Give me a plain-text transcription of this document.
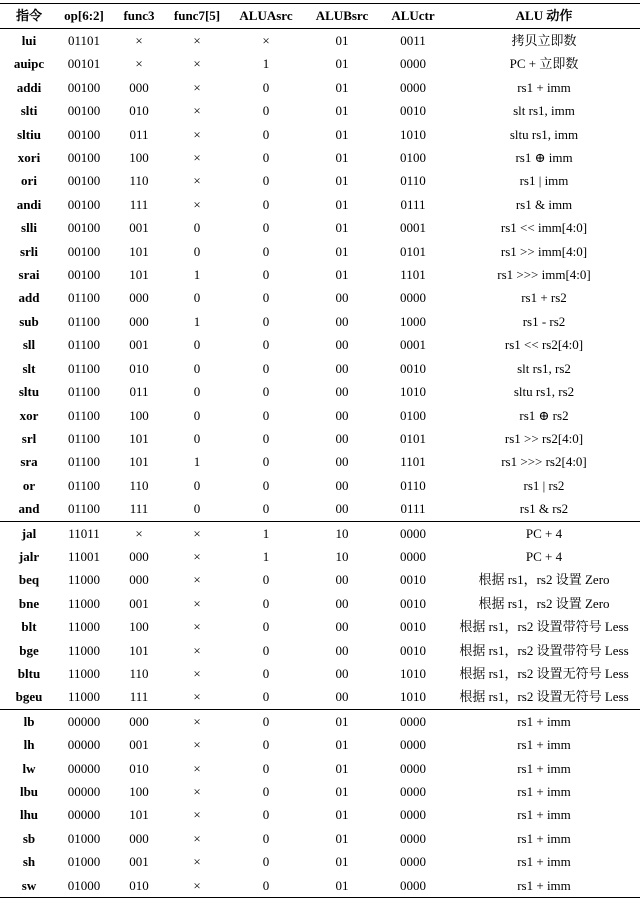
指令	op[6:2]	func3	func7[5]	ALUAsrc	ALUBsrc	ALUctr	ALU 动作
lui	01101	×	×	×	01	0011	拷贝立即数
auipc	00101	×	×	1	01	0000	PC + 立即数
addi	00100	000	×	0	01	0000	rs1 + imm
slti	00100	010	×	0	01	0010	slt rs1, imm
sltiu	00100	011	×	0	01	1010	sltu rs1, imm
xori	00100	100	×	0	01	0100	rs1 ⊕ imm
ori	00100	110	×	0	01	0110	rs1 | imm
andi	00100	111	×	0	01	0111	rs1 & imm
slli	00100	001	0	0	01	0001	rs1 << imm[4:0]
srli	00100	101	0	0	01	0101	rs1 >> imm[4:0]
srai	00100	101	1	0	01	1101	rs1 >>> imm[4:0]
add	01100	000	0	0	00	0000	rs1 + rs2
sub	01100	000	1	0	00	1000	rs1 - rs2
sll	01100	001	0	0	00	0001	rs1 << rs2[4:0]
slt	01100	010	0	0	00	0010	slt rs1, rs2
sltu	01100	011	0	0	00	1010	sltu rs1, rs2
xor	01100	100	0	0	00	0100	rs1 ⊕ rs2
srl	01100	101	0	0	00	0101	rs1 >> rs2[4:0]
sra	01100	101	1	0	00	1101	rs1 >>> rs2[4:0]
or	01100	110	0	0	00	0110	rs1 | rs2
and	01100	111	0	0	00	0111	rs1 & rs2
jal	11011	×	×	1	10	0000	PC + 4
jalr	11001	000	×	1	10	0000	PC + 4
beq	11000	000	×	0	00	0010	根据 rs1，rs2 设置 Zero
bne	11000	001	×	0	00	0010	根据 rs1，rs2 设置 Zero
blt	11000	100	×	0	00	0010	根据 rs1，rs2 设置带符号 Less
bge	11000	101	×	0	00	0010	根据 rs1，rs2 设置带符号 Less
bltu	11000	110	×	0	00	1010	根据 rs1，rs2 设置无符号 Less
bgeu	11000	111	×	0	00	1010	根据 rs1，rs2 设置无符号 Less
lb	00000	000	×	0	01	0000	rs1 + imm
lh	00000	001	×	0	01	0000	rs1 + imm
lw	00000	010	×	0	01	0000	rs1 + imm
lbu	00000	100	×	0	01	0000	rs1 + imm
lhu	00000	101	×	0	01	0000	rs1 + imm
sb	01000	000	×	0	01	0000	rs1 + imm
sh	01000	001	×	0	01	0000	rs1 + imm
sw	01000	010	×	0	01	0000	rs1 + imm
